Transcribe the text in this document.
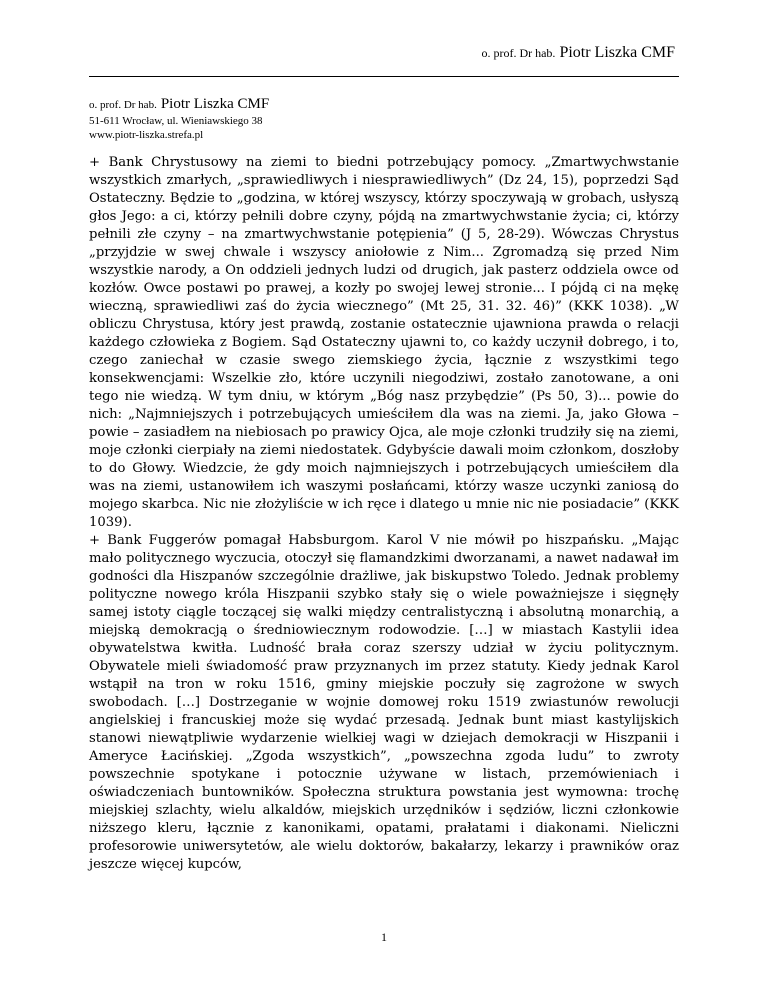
o. prof. Dr hab. Piotr Liszka CMF
o. prof. Dr hab. Piotr Liszka CMF
51-611 Wrocław, ul. Wieniawskiego 38
www.piotr-liszka.strefa.pl

+ Bank Chrystusowy na ziemi to biedni potrzebujący pomocy. „Zmartwychwstanie wszystkich zmarłych, „sprawiedliwych i niesprawiedliwych” (Dz 24, 15), poprzedzi Sąd Ostateczny. Będzie to „godzina, w której wszyscy, którzy spoczywają w grobach, usłyszą głos Jego: a ci, którzy pełnili dobre czyny, pójdą na zmartwychwstanie życia; ci, którzy pełnili złe czyny – na zmartwychwstanie potępienia” (J 5, 28-29). Wówczas Chrystus „przyjdzie w swej chwale i wszyscy aniołowie z Nim... Zgromadzą się przed Nim wszystkie narody, a On oddzieli jednych ludzi od drugich, jak pasterz oddziela owce od kozłów. Owce postawi po prawej, a kozły po swojej lewej stronie... I pójdą ci na mękę wieczną, sprawiedliwi zaś do życia wiecznego” (Mt 25, 31. 32. 46)” (KKK 1038). „W obliczu Chrystusa, który jest prawdą, zostanie ostatecznie ujawniona prawda o relacji każdego człowieka z Bogiem. Sąd Ostateczny ujawni to, co każdy uczynił dobrego, i to, czego zaniechał w czasie swego ziemskiego życia, łącznie z wszystkimi tego konsekwencjami: Wszelkie zło, które uczynili niegodziwi, zostało zanotowane, a oni tego nie wiedzą. W tym dniu, w którym „Bóg nasz przybędzie” (Ps 50, 3)... powie do nich: „Najmniejszych i potrzebujących umieściłem dla was na ziemi. Ja, jako Głowa – powie – zasiadłem na niebiosach po prawicy Ojca, ale moje członki trudziły się na ziemi, moje członki cierpiały na ziemi niedostatek. Gdybyście dawali moim członkom, doszłoby to do Głowy. Wiedzcie, że gdy moich najmniejszych i potrzebujących umieściłem dla was na ziemi, ustanowiłem ich waszymi posłańcami, którzy wasze uczynki zaniosą do mojego skarbca. Nic nie złożyliście w ich ręce i dlatego u mnie nic nie posiadacie” (KKK 1039).

+ Bank Fuggerów pomagał Habsburgom. Karol V nie mówił po hiszpańsku. „Mając mało politycznego wyczucia, otoczył się flamandzkimi dworzanami, a nawet nadawał im godności dla Hiszpanów szczególnie drażliwe, jak biskupstwo Toledo. Jednak problemy polityczne nowego króla Hiszpanii szybko stały się o wiele poważniejsze i sięgnęły samej istoty ciągle toczącej się walki między centralistyczną i absolutną monarchią, a miejską demokracją o średniowiecznym rodowodzie. […] w miastach Kastylii idea obywatelstwa kwitła. Ludność brała coraz szerszy udział w życiu politycznym. Obywatele mieli świadomość praw przyznanych im przez statuty. Kiedy jednak Karol wstąpił na tron w roku 1516, gminy miejskie poczuły się zagrożone w swych swobodach. […] Dostrzeganie w wojnie domowej roku 1519 zwiastunów rewolucji angielskiej i francuskiej może się wydać przesadą. Jednak bunt miast kastylijskich stanowi niewątpliwie wydarzenie wielkiej wagi w dziejach demokracji w Hiszpanii i Ameryce Łacińskiej. „Zgoda wszystkich”, „powszechna zgoda ludu” to zwroty powszechnie spotykane i potocznie używane w listach, przemówieniach i oświadczeniach buntowników. Społeczna struktura powstania jest wymowna: trochę miejskiej szlachty, wielu alkaldów, miejskich urzędników i sędziów, liczni członkowie niższego kleru, łącznie z kanonikami, opatami, prałatami i diakonami. Nieliczni profesorowie uniwersytetów, ale wielu doktorów, bakałarzy, lekarzy i prawników oraz jeszcze więcej kupców,

1
